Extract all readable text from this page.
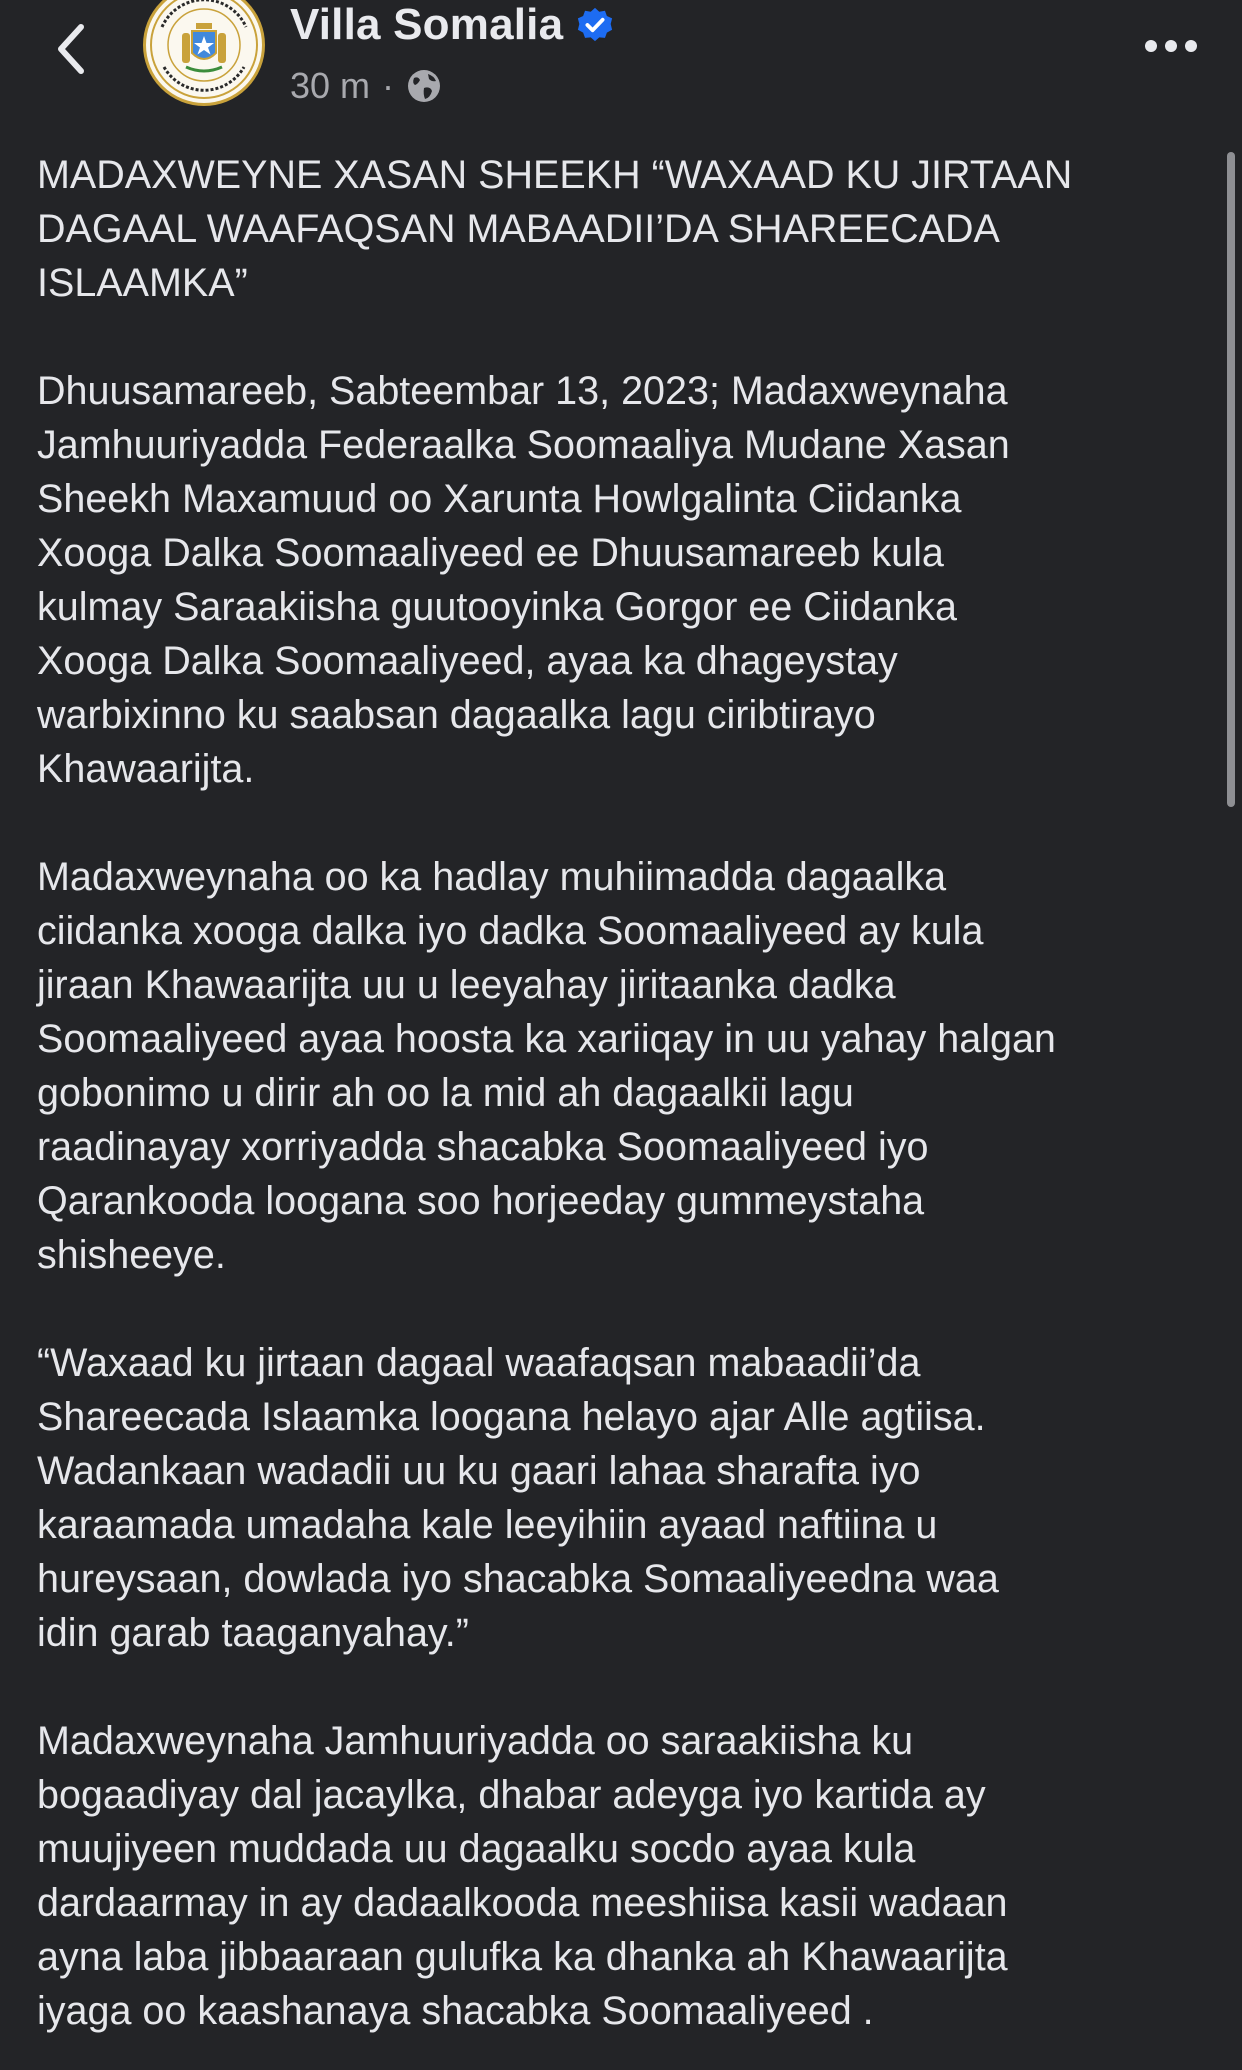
Villa Somalia
30 m ·

MADAXWEYNE XASAN SHEEKH “WAXAAD KU JIRTAAN
DAGAAL WAAFAQSAN MABAADII’DA SHAREECADA
ISLAAMKA”

Dhuusamareeb, Sabteembar 13, 2023; Madaxweynaha
Jamhuuriyadda Federaalka Soomaaliya Mudane Xasan
Sheekh Maxamuud oo Xarunta Howlgalinta Ciidanka
Xooga Dalka Soomaaliyeed ee Dhuusamareeb kula
kulmay Saraakiisha guutooyinka Gorgor ee Ciidanka
Xooga Dalka Soomaaliyeed, ayaa ka dhageystay
warbixinno ku saabsan dagaalka lagu ciribtirayo
Khawaarijta.

Madaxweynaha oo ka hadlay muhiimadda dagaalka
ciidanka xooga dalka iyo dadka Soomaaliyeed ay kula
jiraan Khawaarijta uu u leeyahay jiritaanka dadka
Soomaaliyeed ayaa hoosta ka xariiqay in uu yahay halgan
gobonimo u dirir ah oo la mid ah dagaalkii lagu
raadinayay xorriyadda shacabka Soomaaliyeed iyo
Qarankooda loogana soo horjeeday gummeystaha
shisheeye.

“Waxaad ku jirtaan dagaal waafaqsan mabaadii’da
Shareecada Islaamka loogana helayo ajar Alle agtiisa.
Wadankaan wadadii uu ku gaari lahaa sharafta iyo
karaamada umadaha kale leeyihiin ayaad naftiina u
hureysaan, dowlada iyo shacabka Somaaliyeedna waa
idin garab taaganyahay.”

Madaxweynaha Jamhuuriyadda oo saraakiisha ku
bogaadiyay dal jacaylka, dhabar adeyga iyo kartida ay
muujiyeen muddada uu dagaalku socdo ayaa kula
dardaarmay in ay dadaalkooda meeshiisa kasii wadaan
ayna laba jibbaaraan gulufka ka dhanka ah Khawaarijta
iyaga oo kaashanaya shacabka Soomaaliyeed .
